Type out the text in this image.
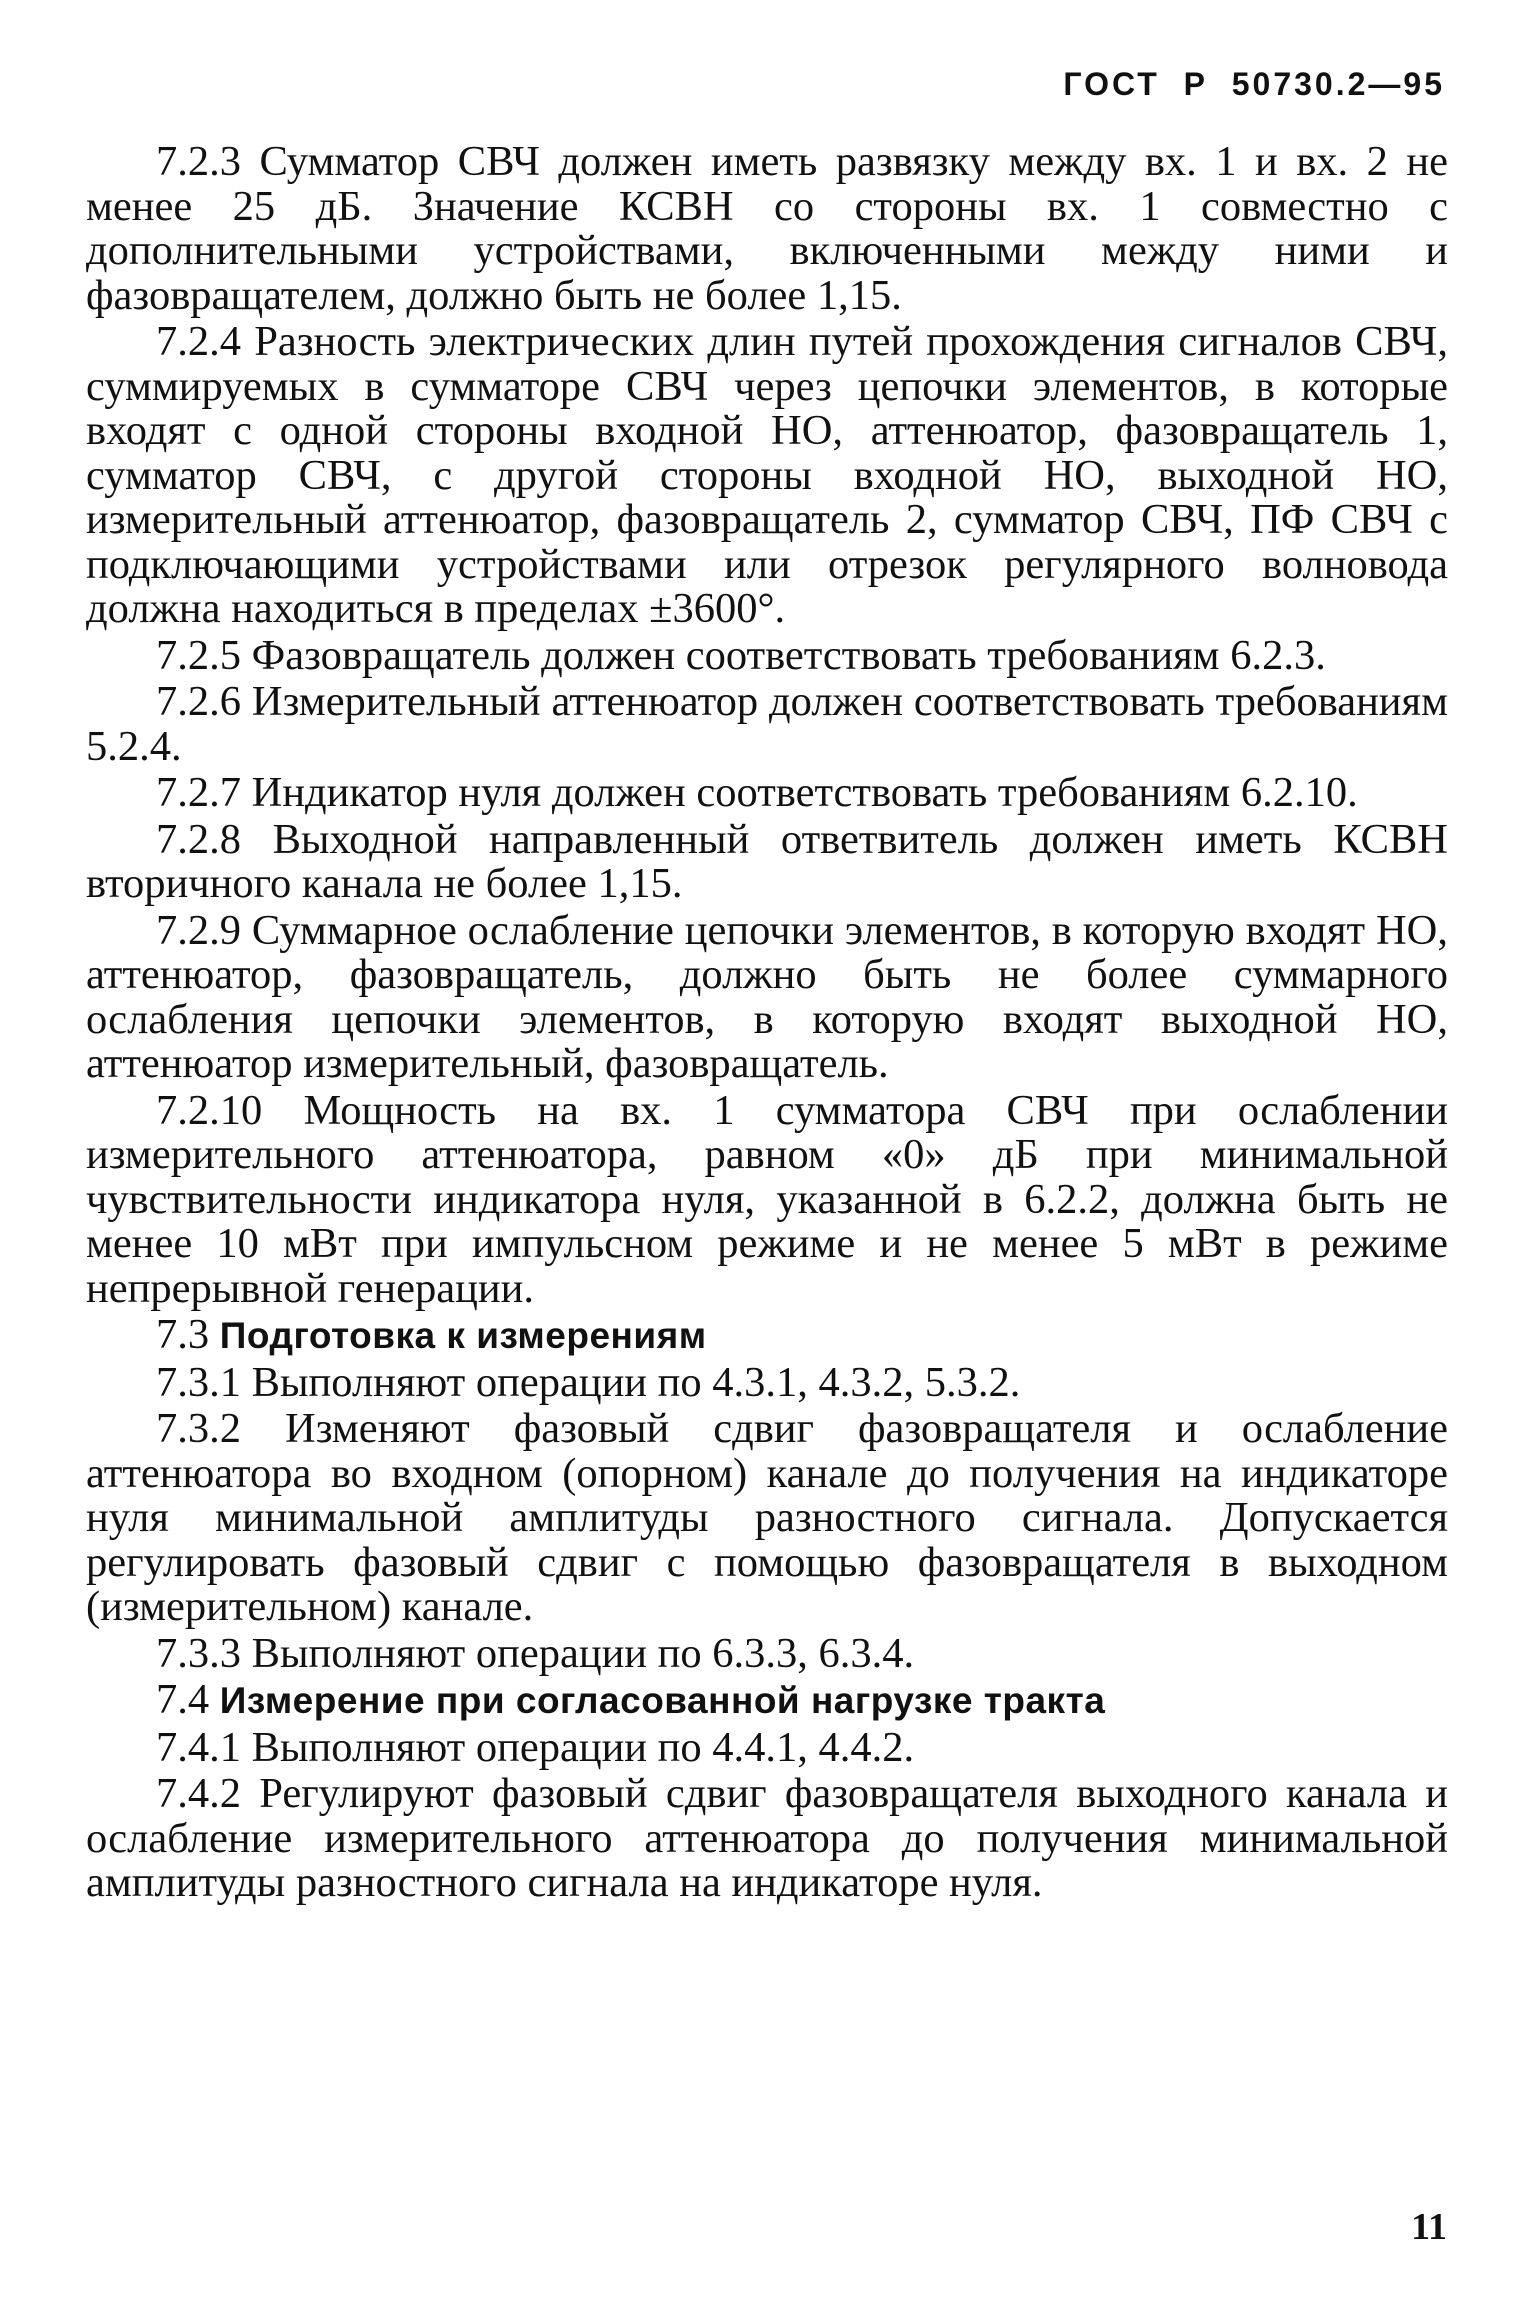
ГОСТ  Р  50730.2—95

7.2.3 Сумматор СВЧ должен иметь развязку между вх. 1 и вх. 2 не менее 25 дБ. Значение КСВН со стороны вх. 1 совместно с дополнительными устройствами, включенными между ними и фазовращателем, должно быть не более 1,15.

7.2.4 Разность электрических длин путей прохождения сигналов СВЧ, суммируемых в сумматоре СВЧ через цепочки элементов, в которые входят с одной стороны входной НО, аттенюатор, фазовращатель 1, сумматор СВЧ, с другой стороны входной НО, выходной НО, измерительный аттенюатор, фазовращатель 2, сумматор СВЧ, ПФ СВЧ с подключающими устройствами или отрезок регулярного волновода должна находиться в пределах ±3600°.

7.2.5 Фазовращатель должен соответствовать требованиям 6.2.3.

7.2.6 Измерительный аттенюатор должен соответствовать требованиям 5.2.4.

7.2.7 Индикатор нуля должен соответствовать требованиям 6.2.10.

7.2.8 Выходной направленный ответвитель должен иметь КСВН вторичного канала не более 1,15.

7.2.9 Суммарное ослабление цепочки элементов, в которую входят НО, аттенюатор, фазовращатель, должно быть не более суммарного ослабления цепочки элементов, в которую входят выходной НО, аттенюатор измерительный, фазовращатель.

7.2.10 Мощность на вх. 1 сумматора СВЧ при ослаблении измерительного аттенюатора, равном «0» дБ при минимальной чувствительности индикатора нуля, указанной в 6.2.2, должна быть не менее 10 мВт при импульсном режиме и не менее 5 мВт в режиме непрерывной генерации.

7.3 Подготовка к измерениям

7.3.1 Выполняют операции по 4.3.1, 4.3.2, 5.3.2.

7.3.2 Изменяют фазовый сдвиг фазовращателя и ослабление аттенюатора во входном (опорном) канале до получения на индикаторе нуля минимальной амплитуды разностного сигнала. Допускается регулировать фазовый сдвиг с помощью фазовращателя в выходном (измерительном) канале.

7.3.3 Выполняют операции по 6.3.3, 6.3.4.

7.4 Измерение при согласованной нагрузке тракта

7.4.1 Выполняют операции по 4.4.1, 4.4.2.

7.4.2 Регулируют фазовый сдвиг фазовращателя выходного канала и ослабление измерительного аттенюатора до получения минимальной амплитуды разностного сигнала на индикаторе нуля.

11
